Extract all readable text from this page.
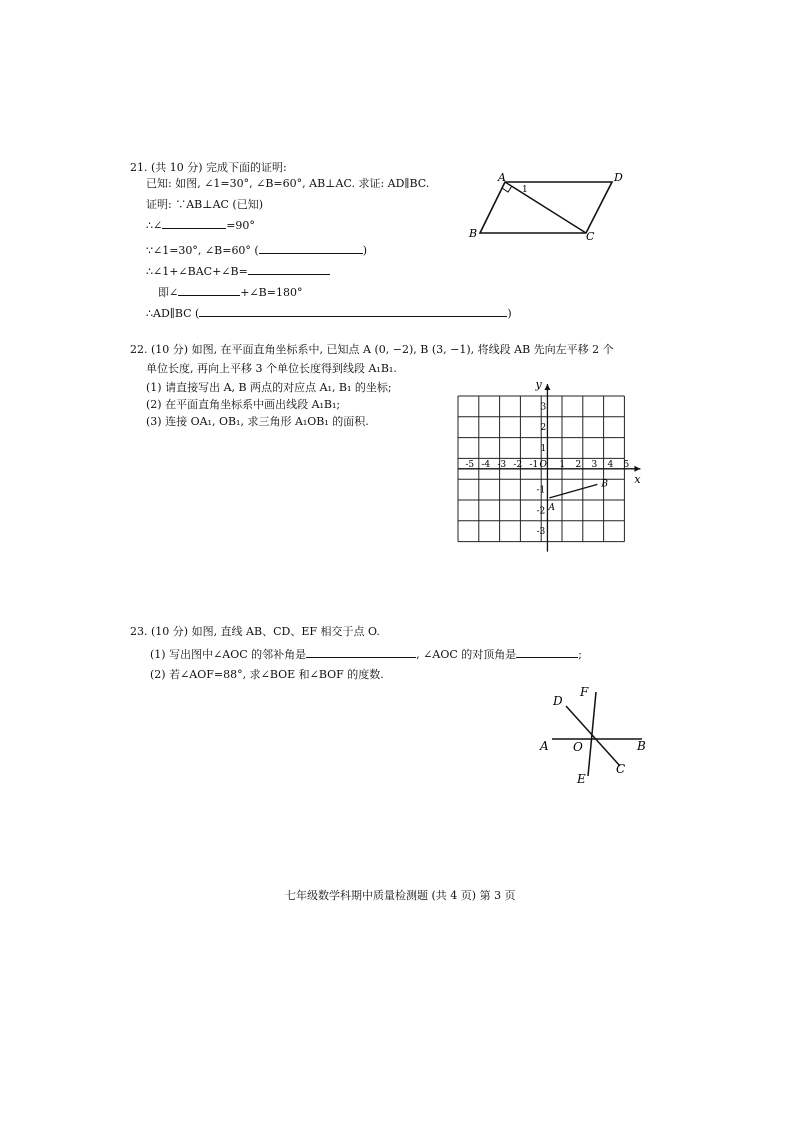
21. (共 10 分) 完成下面的证明:
已知: 如图, ∠1=30°, ∠B=60°, AB⊥AC. 求证: AD∥BC.
证明: ∵AB⊥AC (已知)
∴∠	=90°
∵∠1=30°, ∠B=60° (	)
∴∠1+∠BAC+∠B=
即∠	+∠B=180°
∴AD∥BC (	)
A	D
B	C
1
22. (10 分) 如图, 在平面直角坐标系中, 已知点 A (0, −2), B (3, −1), 将线段 AB 先向左平移 2 个
单位长度, 再向上平移 3 个单位长度得到线段 A₁B₁.
(1) 请直接写出 A, B 两点的对应点 A₁, B₁ 的坐标;
(2) 在平面直角坐标系中画出线段 A₁B₁;
(3) 连接 OA₁, OB₁, 求三角形 A₁OB₁ 的面积.
x
y
O
-5 -4 -3 -2 -1 1 2 3 4 5
3
2
1
-1
-2
-3
A
B
23. (10 分) 如图, 直线 AB、CD、EF 相交于点 O.
(1) 写出图中∠AOC 的邻补角是	, ∠AOC 的对顶角是	;
(2) 若∠AOF=88°, 求∠BOE 和∠BOF 的度数.
A	B
C
D
E
F
O
七年级数学科期中质量检测题 (共 4 页) 第 3 页
